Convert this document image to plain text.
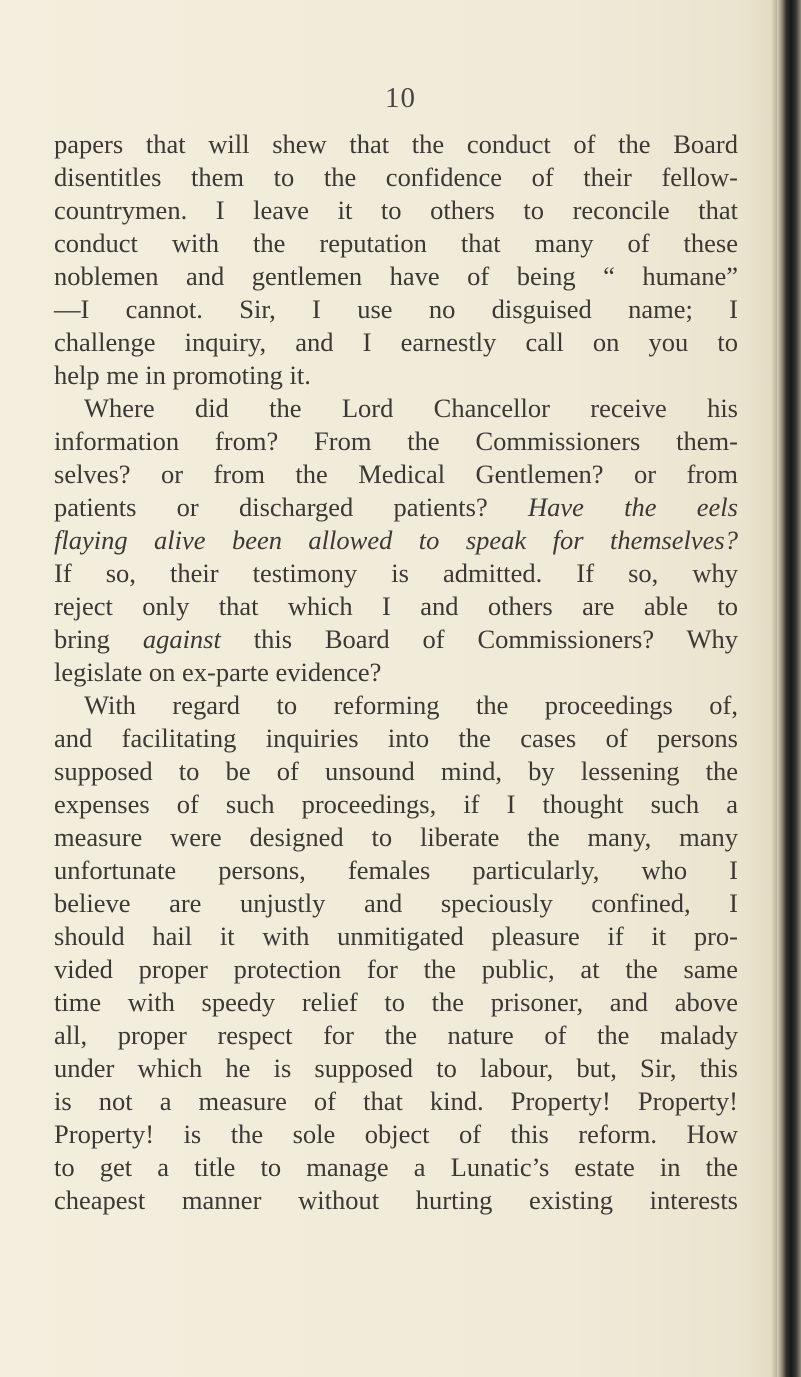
10
papers that will shew that the conduct of the Board
disentitles them to the confidence of their fellow-
countrymen. I leave it to others to reconcile that
conduct with the reputation that many of these
noblemen and gentlemen have of being “ humane”
—I cannot. Sir, I use no disguised name; I
challenge inquiry, and I earnestly call on you to
help me in promoting it.
Where did the Lord Chancellor receive his
information from? From the Commissioners them-
selves? or from the Medical Gentlemen? or from
patients or discharged patients? Have the eels
flaying alive been allowed to speak for themselves?
If so, their testimony is admitted. If so, why
reject only that which I and others are able to
bring against this Board of Commissioners? Why
legislate on ex-parte evidence?
With regard to reforming the proceedings of,
and facilitating inquiries into the cases of persons
supposed to be of unsound mind, by lessening the
expenses of such proceedings, if I thought such a
measure were designed to liberate the many, many
unfortunate persons, females particularly, who I
believe are unjustly and speciously confined, I
should hail it with unmitigated pleasure if it pro-
vided proper protection for the public, at the same
time with speedy relief to the prisoner, and above
all, proper respect for the nature of the malady
under which he is supposed to labour, but, Sir, this
is not a measure of that kind. Property! Property!
Property! is the sole object of this reform. How
to get a title to manage a Lunatic’s estate in the
cheapest manner without hurting existing interests
